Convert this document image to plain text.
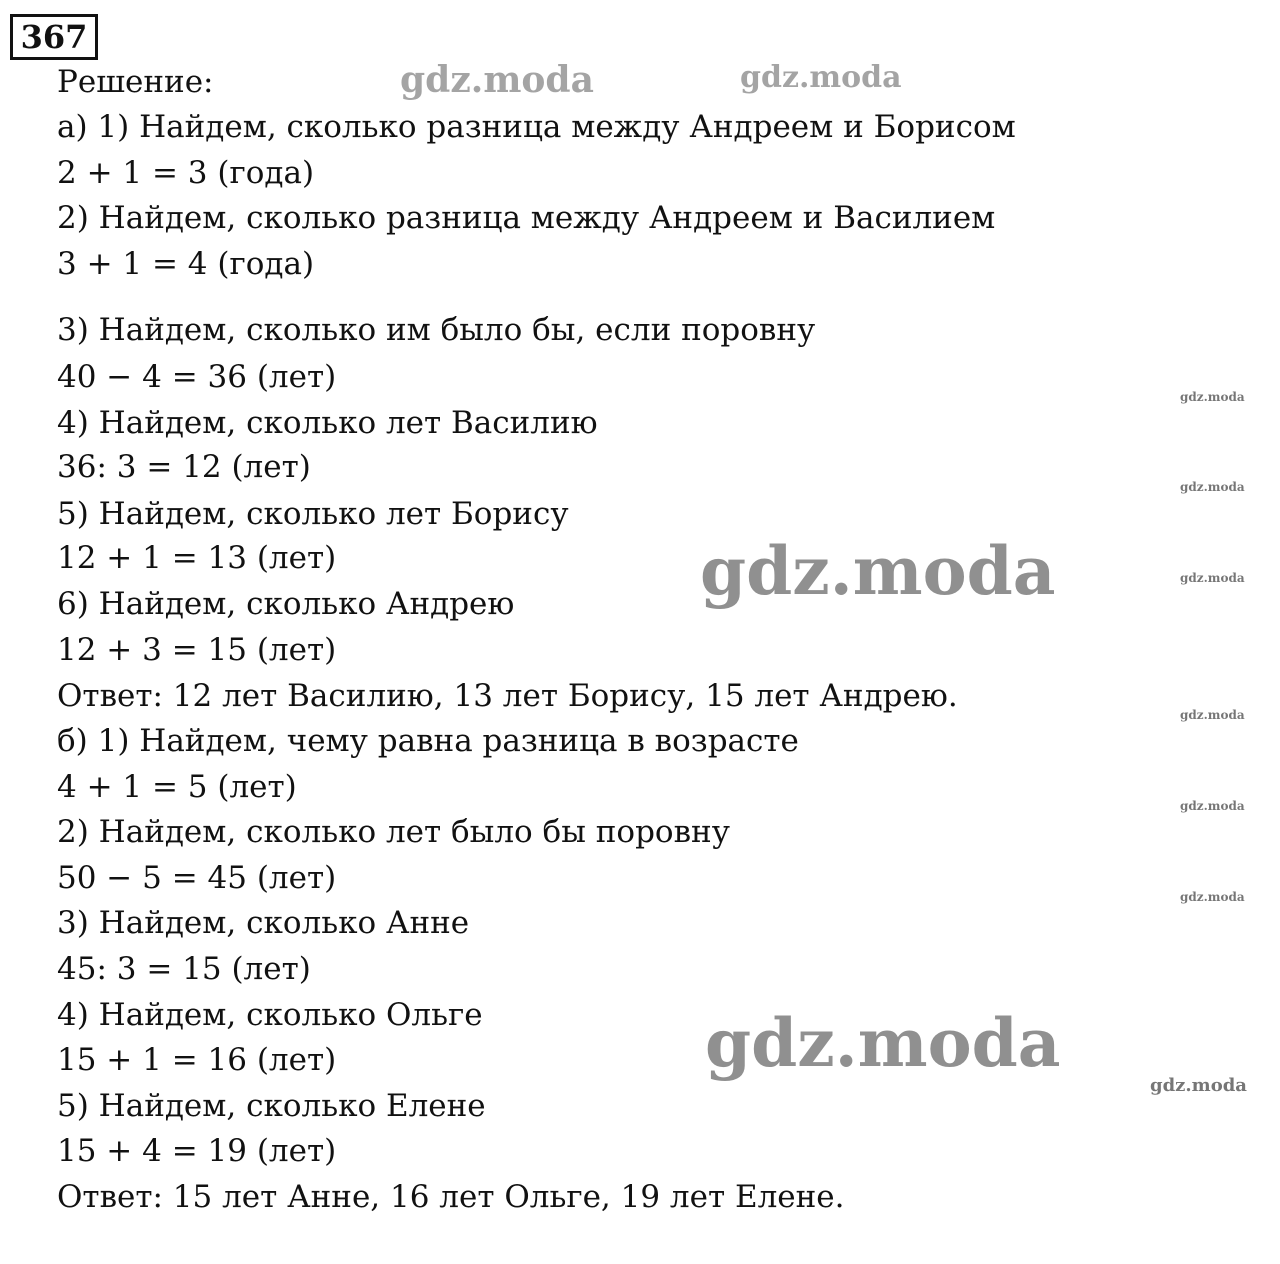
367
Решение:
а) 1) Найдем, сколько разница между Андреем и Борисом
2 + 1 = 3 (года)
2) Найдем, сколько разница между Андреем и Василием
3 + 1 = 4 (года)
3) Найдем, сколько им было бы, если поровну
40 − 4 = 36 (лет)
4) Найдем, сколько лет Василию
36: 3 = 12 (лет)
5) Найдем, сколько лет Борису
12 + 1 = 13 (лет)
6) Найдем, сколько Андрею
12 + 3 = 15 (лет)
Ответ: 12 лет Василию, 13 лет Борису, 15 лет Андрею.
б) 1) Найдем, чему равна разница в возрасте
4 + 1 = 5 (лет)
2) Найдем, сколько лет было бы поровну
50 − 5 = 45 (лет)
3) Найдем, сколько Анне
45: 3 = 15 (лет)
4) Найдем, сколько Ольге
15 + 1 = 16 (лет)
5) Найдем, сколько Елене
15 + 4 = 19 (лет)
Ответ: 15 лет Анне, 16 лет Ольге, 19 лет Елене.
gdz.moda	gdz.moda
gdz.moda
gdz.moda
gdz.moda
gdz.moda
gdz.moda
gdz.moda
gdz.moda
gdz.moda
gdz.moda
